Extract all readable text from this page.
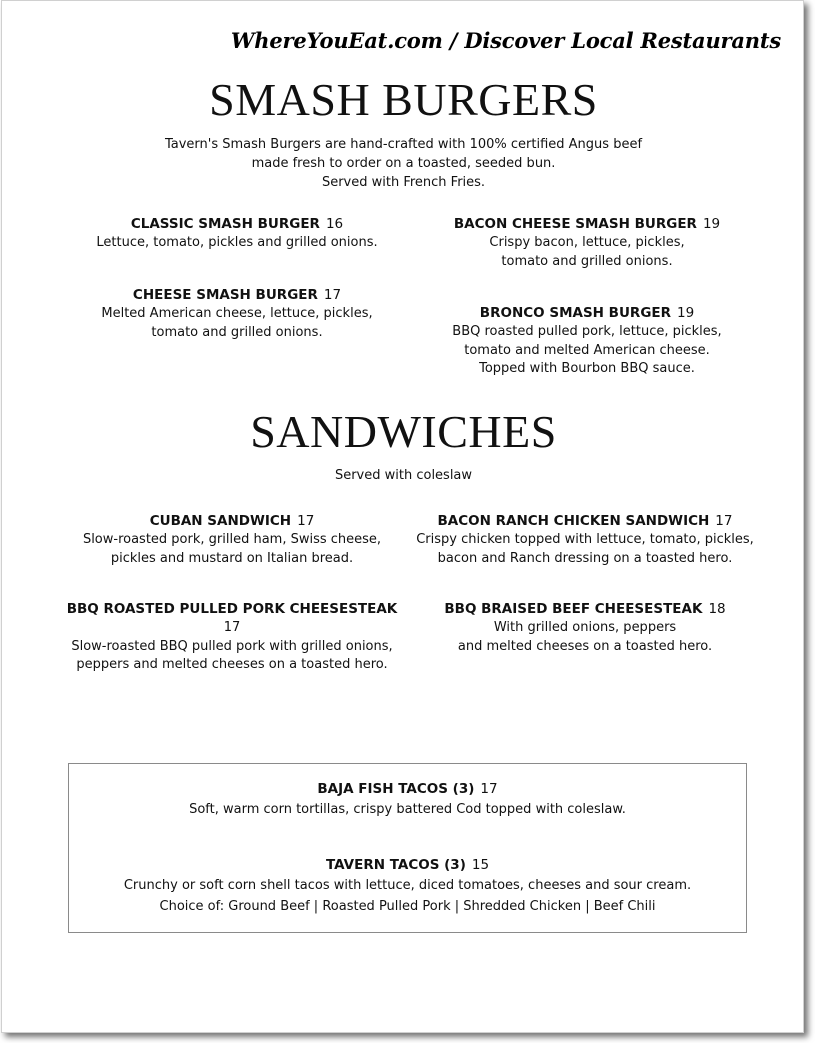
WhereYouEat.com / Discover Local Restaurants
SMASH BURGERS
Tavern's Smash Burgers are hand-crafted with 100% certified Angus beef
made fresh to order on a toasted, seeded bun.
Served with French Fries.
CLASSIC SMASH BURGER 16
Lettuce, tomato, pickles and grilled onions.
BACON CHEESE SMASH BURGER 19
Crispy bacon, lettuce, pickles,
tomato and grilled onions.
CHEESE SMASH BURGER 17
Melted American cheese, lettuce, pickles,
tomato and grilled onions.
BRONCO SMASH BURGER 19
BBQ roasted pulled pork, lettuce, pickles,
tomato and melted American cheese.
Topped with Bourbon BBQ sauce.
SANDWICHES
Served with coleslaw
CUBAN SANDWICH 17
Slow-roasted pork, grilled ham, Swiss cheese,
pickles and mustard on Italian bread.
BACON RANCH CHICKEN SANDWICH 17
Crispy chicken topped with lettuce, tomato, pickles,
bacon and Ranch dressing on a toasted hero.
BBQ ROASTED PULLED PORK CHEESESTEAK
17
Slow-roasted BBQ pulled pork with grilled onions,
peppers and melted cheeses on a toasted hero.
BBQ BRAISED BEEF CHEESESTEAK 18
With grilled onions, peppers
and melted cheeses on a toasted hero.
BAJA FISH TACOS (3) 17
Soft, warm corn tortillas, crispy battered Cod topped with coleslaw.
TAVERN TACOS (3) 15
Crunchy or soft corn shell tacos with lettuce, diced tomatoes, cheeses and sour cream.
Choice of: Ground Beef | Roasted Pulled Pork | Shredded Chicken | Beef Chili
